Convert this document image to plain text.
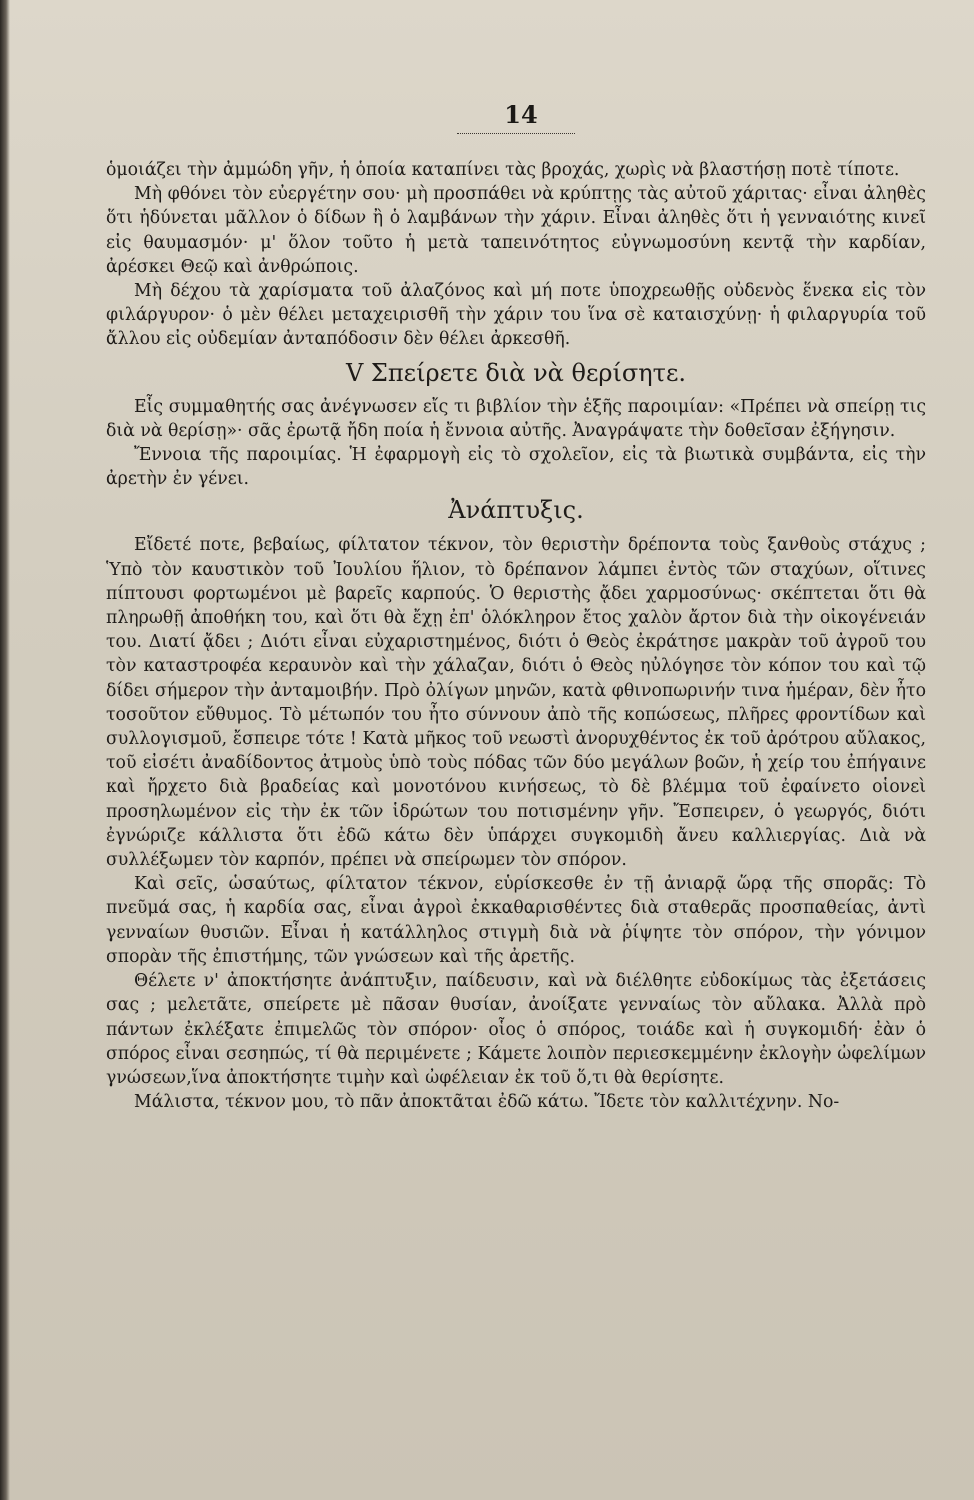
14

ὁμοιάζει τὴν ἀμμώδη γῆν, ἡ ὁποία καταπίνει τὰς βροχάς, χωρὶς νὰ βλαστήσῃ ποτὲ τίποτε.

Μὴ φθόνει τὸν εὐεργέτην σου· μὴ προσπάθει νὰ κρύπτῃς τὰς αὐτοῦ χάριτας· εἶναι ἀληθὲς ὅτι ἡδύνεται μᾶλλον ὁ δίδων ἢ ὁ λαμβάνων τὴν χάριν. Εἶναι ἀληθὲς ὅτι ἡ γενναιότης κινεῖ εἰς θαυμασμόν· μ' ὅλον τοῦτο ἡ μετὰ ταπεινότητος εὐγνωμοσύνη κεντᾷ τὴν καρδίαν, ἀρέσκει Θεῷ καὶ ἀνθρώποις.

Μὴ δέχου τὰ χαρίσματα τοῦ ἀλαζόνος καὶ μή ποτε ὑποχρεωθῇς οὐδενὸς ἕνεκα εἰς τὸν φιλάργυρον· ὁ μὲν θέλει μεταχειρισθῆ τὴν χάριν του ἵνα σὲ καταισχύνῃ· ἡ φιλαργυρία τοῦ ἄλλου εἰς οὐδεμίαν ἀνταπόδοσιν δὲν θέλει ἀρκεσθῆ.

V Σπείρετε διὰ νὰ θερίσητε.

Εἷς συμμαθητής σας ἀνέγνωσεν εἴς τι βιβλίον τὴν ἑξῆς παροιμίαν: «Πρέπει νὰ σπείρῃ τις διὰ νὰ θερίσῃ»· σᾶς ἐρωτᾷ ἤδη ποία ἡ ἔννοια αὐτῆς. Ἀναγράψατε τὴν δοθεῖσαν ἐξήγησιν.

Ἔννοια τῆς παροιμίας. Ἡ ἐφαρμογὴ εἰς τὸ σχολεῖον, εἰς τὰ βιωτικὰ συμβάντα, εἰς τὴν ἀρετὴν ἐν γένει.

Ἀνάπτυξις.

Εἴδετέ ποτε, βεβαίως, φίλτατον τέκνον, τὸν θεριστὴν δρέποντα τοὺς ξανθοὺς στάχυς ; Ὑπὸ τὸν καυστικὸν τοῦ Ἰουλίου ἥλιον, τὸ δρέπανον λάμπει ἐντὸς τῶν σταχύων, οἵτινες πίπτουσι φορτωμένοι μὲ βαρεῖς καρπούς. Ὁ θεριστὴς ᾄδει χαρμοσύνως· σκέπτεται ὅτι θὰ πληρωθῇ ἀποθήκη του, καὶ ὅτι θὰ ἔχῃ ἐπ' ὁλόκληρον ἔτος χαλὸν ἄρτον διὰ τὴν οἰκογένειάν του. Διατί ᾄδει ; Διότι εἶναι εὐχαριστημένος, διότι ὁ Θεὸς ἐκράτησε μακρὰν τοῦ ἀγροῦ του τὸν καταστροφέα κεραυνὸν καὶ τὴν χάλαζαν, διότι ὁ Θεὸς ηὐλόγησε τὸν κόπον του καὶ τῷ δίδει σήμερον τὴν ἀνταμοιβήν. Πρὸ ὀλίγων μηνῶν, κατὰ φθινοπωρινήν τινα ἡμέραν, δὲν ἦτο τοσοῦτον εὔθυμος. Τὸ μέτωπόν του ἦτο σύννουν ἀπὸ τῆς κοπώσεως, πλῆρες φροντίδων καὶ συλλογισμοῦ, ἔσπειρε τότε ! Κατὰ μῆκος τοῦ νεωστὶ ἀνορυχθέντος ἐκ τοῦ ἀρότρου αὔλακος, τοῦ εἰσέτι ἀναδίδοντος ἀτμοὺς ὑπὸ τοὺς πόδας τῶν δύο μεγάλων βοῶν, ἡ χείρ του ἐπήγαινε καὶ ἤρχετο διὰ βραδείας καὶ μονοτόνου κινήσεως, τὸ δὲ βλέμμα τοῦ ἐφαίνετο οἱονεὶ προσηλωμένον εἰς τὴν ἐκ τῶν ἱδρώτων του ποτισμένην γῆν. Ἔσπειρεν, ὁ γεωργός, διότι ἐγνώριζε κάλλιστα ὅτι ἐδῶ κάτω δὲν ὑπάρχει συγκομιδὴ ἄνευ καλλιεργίας. Διὰ νὰ συλλέξωμεν τὸν καρπόν, πρέπει νὰ σπείρωμεν τὸν σπόρον.

Καὶ σεῖς, ὡσαύτως, φίλτατον τέκνον, εὑρίσκεσθε ἐν τῇ ἀνιαρᾷ ὥρᾳ τῆς σπορᾶς: Τὸ πνεῦμά σας, ἡ καρδία σας, εἶναι ἀγροὶ ἐκκαθαρισθέντες διὰ σταθερᾶς προσπαθείας, ἀντὶ γενναίων θυσιῶν. Εἶναι ἡ κατάλληλος στιγμὴ διὰ νὰ ῥίψητε τὸν σπόρον, τὴν γόνιμον σπορὰν τῆς ἐπιστήμης, τῶν γνώσεων καὶ τῆς ἀρετῆς.

Θέλετε ν' ἀποκτήσητε ἀνάπτυξιν, παίδευσιν, καὶ νὰ διέλθητε εὐδοκίμως τὰς ἐξετάσεις σας ; μελετᾶτε, σπείρετε μὲ πᾶσαν θυσίαν, ἀνοίξατε γενναίως τὸν αὔλακα. Ἀλλὰ πρὸ πάντων ἐκλέξατε ἐπιμελῶς τὸν σπόρον· οἷος ὁ σπόρος, τοιάδε καὶ ἡ συγκομιδή· ἐὰν ὁ σπόρος εἶναι σεσηπώς, τί θὰ περιμένετε ; Κάμετε λοιπὸν περιεσκεμμένην ἐκλογὴν ὠφελίμων γνώσεων,ἵνα ἀποκτήσητε τιμὴν καὶ ὠφέλειαν ἐκ τοῦ ὅ,τι θὰ θερίσητε.

Μάλιστα, τέκνον μου, τὸ πᾶν ἀποκτᾶται ἐδῶ κάτω. Ἴδετε τὸν καλλιτέχνην. Νο-
